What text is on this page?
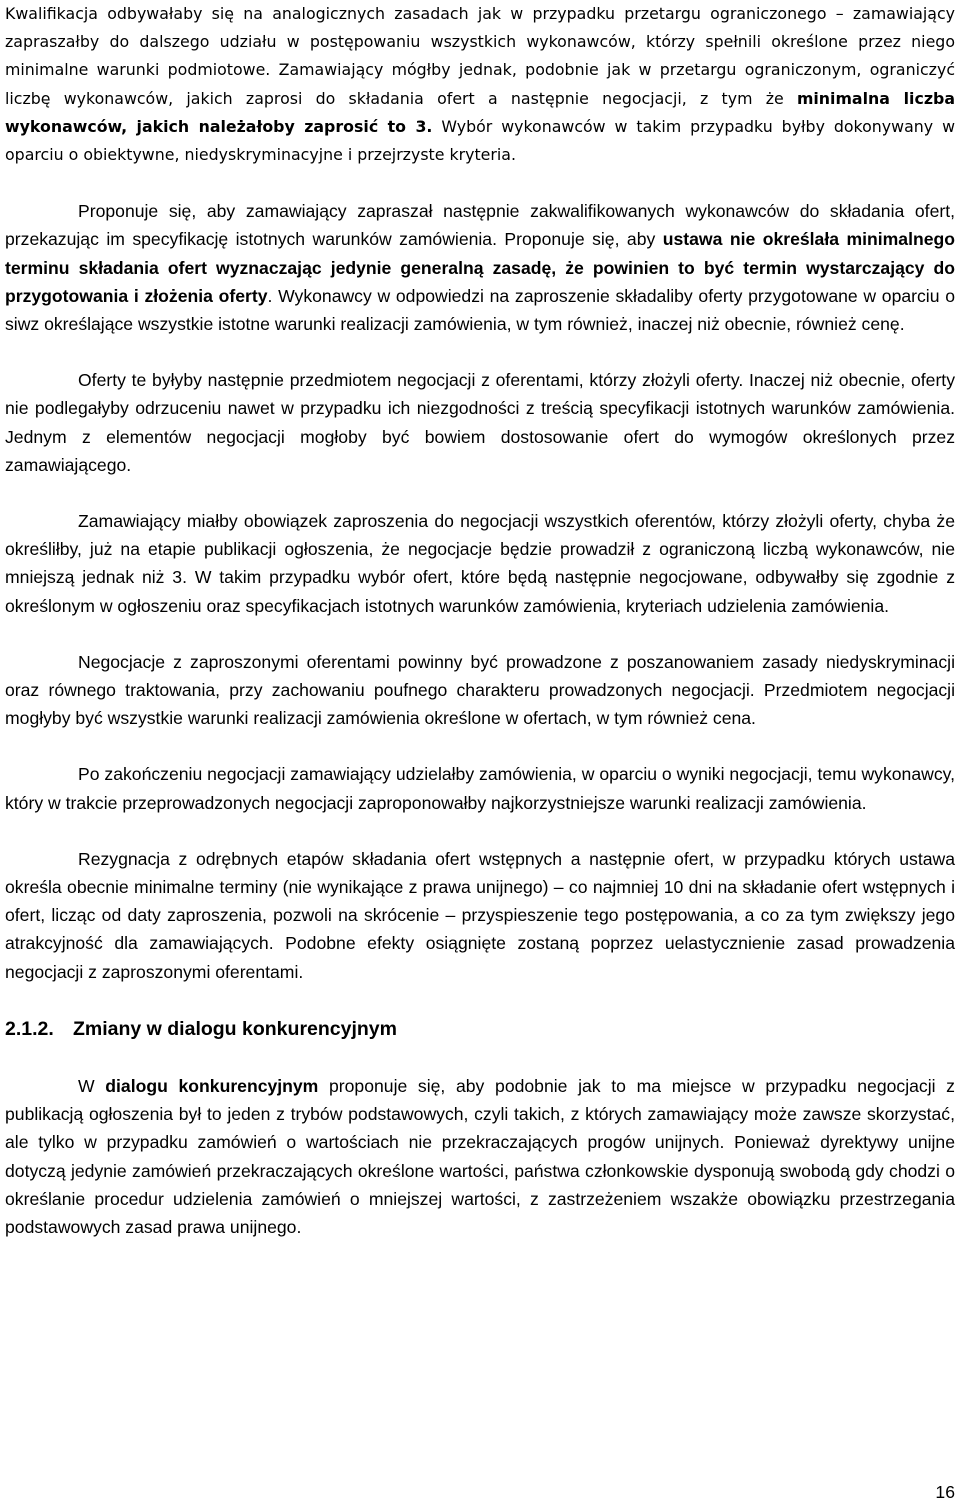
Kwalifikacja odbywałaby się na analogicznych zasadach jak w przypadku przetargu ograniczonego – zamawiający zapraszałby do dalszego udziału w postępowaniu wszystkich wykonawców, którzy spełnili określone przez niego minimalne warunki podmiotowe. Zamawiający mógłby jednak, podobnie jak w przetargu ograniczonym, ograniczyć liczbę wykonawców, jakich zaprosi do składania ofert a następnie negocjacji, z tym że minimalna liczba wykonawców, jakich należałoby zaprosić to 3. Wybór wykonawców w takim przypadku byłby dokonywany w oparciu o obiektywne, niedyskryminacyjne i przejrzyste kryteria.

Proponuje się, aby zamawiający zapraszał następnie zakwalifikowanych wykonawców do składania ofert, przekazując im specyfikację istotnych warunków zamówienia. Proponuje się, aby ustawa nie określała minimalnego terminu składania ofert wyznaczając jedynie generalną zasadę, że powinien to być termin wystarczający do przygotowania i złożenia oferty. Wykonawcy w odpowiedzi na zaproszenie składaliby oferty przygotowane w oparciu o siwz określające wszystkie istotne warunki realizacji zamówienia, w tym również, inaczej niż obecnie, również cenę.

Oferty te byłyby następnie przedmiotem negocjacji z oferentami, którzy złożyli oferty. Inaczej niż obecnie, oferty nie podlegałyby odrzuceniu nawet w przypadku ich niezgodności z treścią specyfikacji istotnych warunków zamówienia. Jednym z elementów negocjacji mogłoby być bowiem dostosowanie ofert do wymogów określonych przez zamawiającego.

Zamawiający miałby obowiązek zaproszenia do negocjacji wszystkich oferentów, którzy złożyli oferty, chyba że określiłby, już na etapie publikacji ogłoszenia, że negocjacje będzie prowadził z ograniczoną liczbą wykonawców, nie mniejszą jednak niż 3. W takim przypadku wybór ofert, które będą następnie negocjowane, odbywałby się zgodnie z określonym w ogłoszeniu oraz specyfikacjach istotnych warunków zamówienia, kryteriach udzielenia zamówienia.

Negocjacje z zaproszonymi oferentami powinny być prowadzone z poszanowaniem zasady niedyskryminacji oraz równego traktowania, przy zachowaniu poufnego charakteru prowadzonych negocjacji. Przedmiotem negocjacji mogłyby być wszystkie warunki realizacji zamówienia określone w ofertach, w tym również cena.

Po zakończeniu negocjacji zamawiający udzielałby zamówienia, w oparciu o wyniki negocjacji, temu wykonawcy, który w trakcie przeprowadzonych negocjacji zaproponowałby najkorzystniejsze warunki realizacji zamówienia.

Rezygnacja z odrębnych etapów składania ofert wstępnych a następnie ofert, w przypadku których ustawa określa obecnie minimalne terminy (nie wynikające z prawa unijnego) – co najmniej 10 dni na składanie ofert wstępnych i ofert, licząc od daty zaproszenia, pozwoli na skrócenie – przyspieszenie tego postępowania, a co za tym zwiększy jego atrakcyjność dla zamawiających. Podobne efekty osiągnięte zostaną poprzez uelastycznienie zasad prowadzenia negocjacji z zaproszonymi oferentami.

2.1.2. Zmiany w dialogu konkurencyjnym

W dialogu konkurencyjnym proponuje się, aby podobnie jak to ma miejsce w przypadku negocjacji z publikacją ogłoszenia był to jeden z trybów podstawowych, czyli takich, z których zamawiający może zawsze skorzystać, ale tylko w przypadku zamówień o wartościach nie przekraczających progów unijnych. Ponieważ dyrektywy unijne dotyczą jedynie zamówień przekraczających określone wartości, państwa członkowskie dysponują swobodą gdy chodzi o określanie procedur udzielenia zamówień o mniejszej wartości, z zastrzeżeniem wszakże obowiązku przestrzegania podstawowych zasad prawa unijnego.

16
